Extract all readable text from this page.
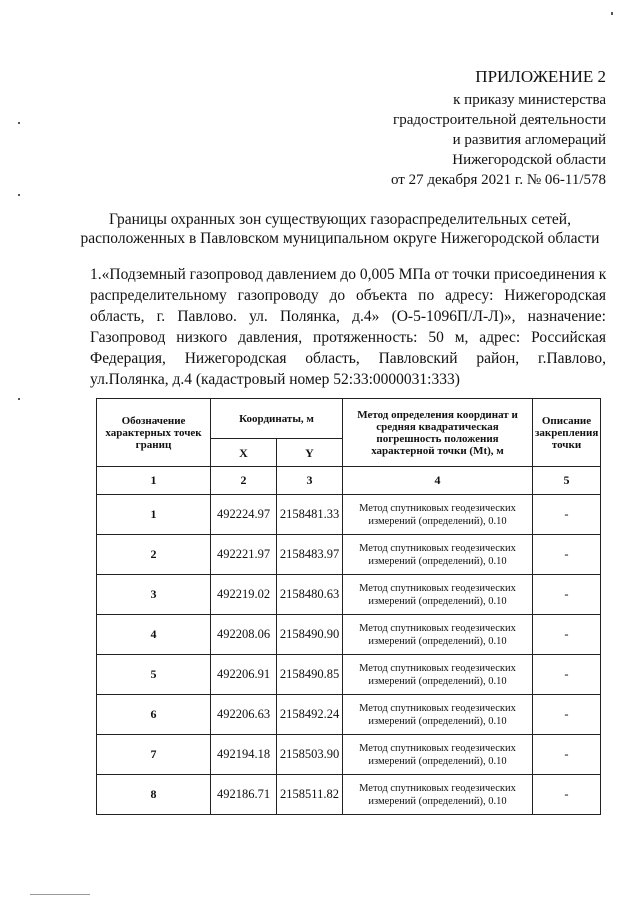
ПРИЛОЖЕНИЕ 2
к приказу министерства
градостроительной деятельности
и развития агломераций
Нижегородской области
от 27 декабря 2021 г. № 06-11/578
Границы охранных зон существующих газораспределительных сетей,
расположенных в Павловском муниципальном округе Нижегородской области
1.«Подземный газопровод давлением до 0,005 МПа от точки присоединения к
распределительному газопроводу до объекта по адресу: Нижегородская
область, г. Павлово. ул. Полянка, д.4» (О-5-1096П/Л-Л)», назначение:
Газопровод низкого давления, протяженность: 50 м, адрес: Российская
Федерация, Нижегородская область, Павловский район, г.Павлово,
ул.Полянка, д.4 (кадастровый номер 52:33:0000031:333)
Обозначение характерных точек границ	Координаты, м		Метод определения координат и средняя квадратическая погрешность положения характерной точки (Mt), м	Описание закрепления точки
	X	Y		
1	2	3	4	5
1	492224.97	2158481.33	Метод спутниковых геодезических измерений (определений), 0.10	-
2	492221.97	2158483.97	Метод спутниковых геодезических измерений (определений), 0.10	-
3	492219.02	2158480.63	Метод спутниковых геодезических измерений (определений), 0.10	-
4	492208.06	2158490.90	Метод спутниковых геодезических измерений (определений), 0.10	-
5	492206.91	2158490.85	Метод спутниковых геодезических измерений (определений), 0.10	-
6	492206.63	2158492.24	Метод спутниковых геодезических измерений (определений), 0.10	-
7	492194.18	2158503.90	Метод спутниковых геодезических измерений (определений), 0.10	-
8	492186.71	2158511.82	Метод спутниковых геодезических измерений (определений), 0.10	-
